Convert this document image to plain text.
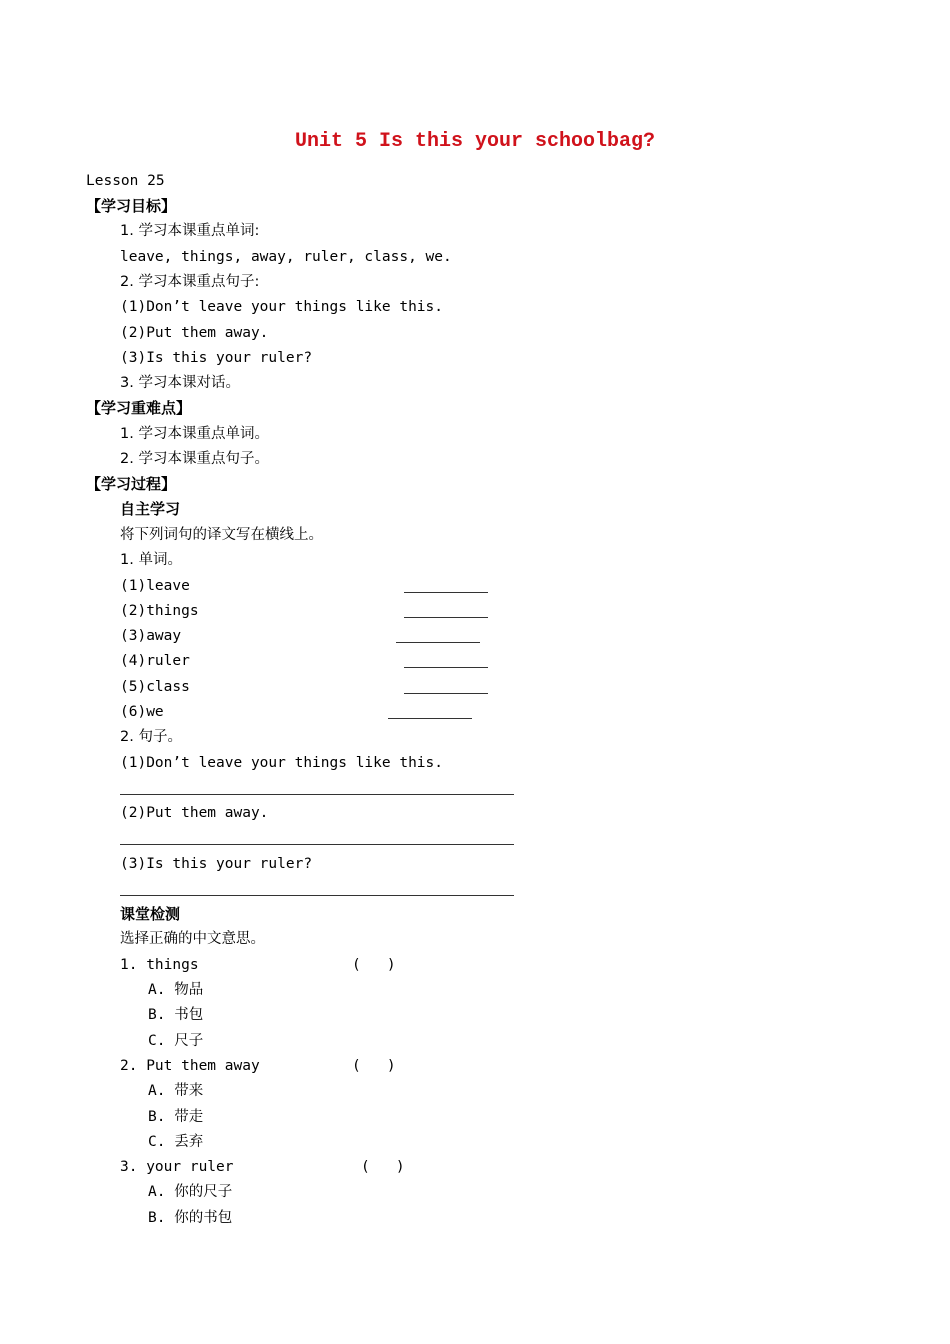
Unit 5 Is this your schoolbag?
Lesson 25
【学习目标】
1. 学习本课重点单词:
leave, things, away, ruler, class, we.
2. 学习本课重点句子:
(1)Don’t leave your things like this.
(2)Put them away.
(3)Is this your ruler?
3. 学习本课对话。
【学习重难点】
1. 学习本课重点单词。
2. 学习本课重点句子。
【学习过程】
自主学习
将下列词句的译文写在横线上。
1. 单词。
(1)leave
(2)things
(3)away
(4)ruler
(5)class
(6)we
2. 句子。
(1)Don’t leave your things like this.
(2)Put them away.
(3)Is this your ruler?
课堂检测
选择正确的中文意思。
1. things	(   )
A. 物品
B. 书包
C. 尺子
2. Put them away	(   )
A. 带来
B. 带走
C. 丢弃
3. your ruler	(   )
A. 你的尺子
B. 你的书包
